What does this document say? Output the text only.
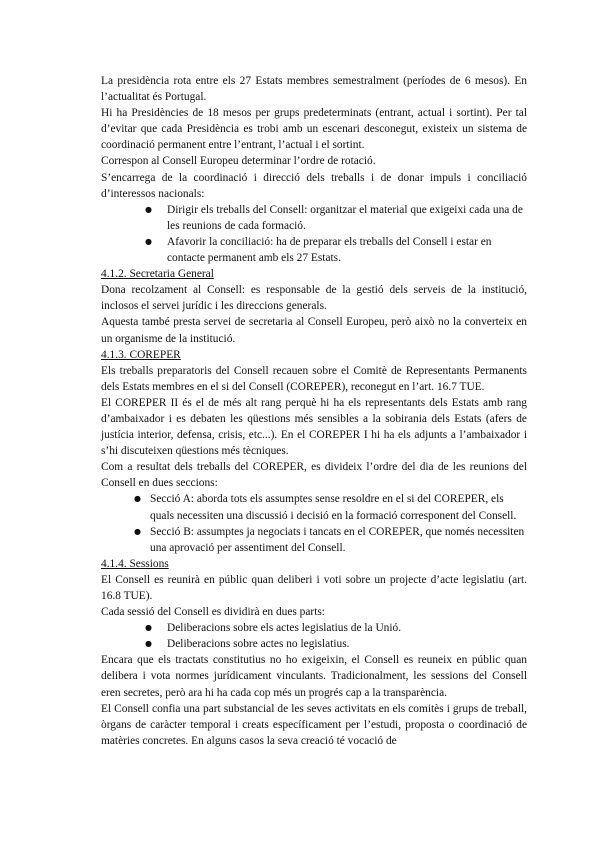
La presidència rota entre els 27 Estats membres semestralment (períodes de 6 mesos). En l’actualitat és Portugal.

Hi ha Presidències de 18 mesos per grups predeterminats (entrant, actual i sortint). Per tal d’evitar que cada Presidència es trobi amb un escenari desconegut, existeix un sistema de coordinació permanent entre l’entrant, l’actual i el sortint.

Correspon al Consell Europeu determinar l’ordre de rotació.

S’encarrega de la coordinació i direcció dels treballs i de donar impuls i conciliació d’interessos nacionals:

● Dirigir els treballs del Consell: organitzar el material que exigeixi cada una de les reunions de cada formació.
● Afavorir la conciliació: ha de preparar els treballs del Consell i estar en contacte permanent amb els 27 Estats.

4.1.2. Secretaria General

Dona recolzament al Consell: es responsable de la gestió dels serveis de la institució, inclosos el servei jurídic i les direccions generals.

Aquesta també presta servei de secretaria al Consell Europeu, però això no la converteix en un organisme de la institució.

4.1.3. COREPER

Els treballs preparatoris del Consell recauen sobre el Comitè de Representants Permanents dels Estats membres en el si del Consell (COREPER), reconegut en l’art. 16.7 TUE.

El COREPER II és el de més alt rang perquè hi ha els representants dels Estats amb rang d’ambaixador i es debaten les qüestions més sensibles a la sobirania dels Estats (afers de justícia interior, defensa, crisis, etc...). En el COREPER I hi ha els adjunts a l’ambaixador i s’hi discuteixen qüestions més tècniques.

Com a resultat dels treballs del COREPER, es divideix l’ordre del dia de les reunions del Consell en dues seccions:

● Secció A: aborda tots els assumptes sense resoldre en el si del COREPER, els quals necessiten una discussió i decisió en la formació corresponent del Consell.
● Secció B: assumptes ja negociats i tancats en el COREPER, que només necessiten una aprovació per assentiment del Consell.

4.1.4. Sessions

El Consell es reunirà en públic quan deliberi i voti sobre un projecte d’acte legislatiu (art. 16.8 TUE).

Cada sessió del Consell es dividirà en dues parts:

● Deliberacions sobre els actes legislatius de la Unió.
● Deliberacions sobre actes no legislatius.

Encara que els tractats constitutius no ho exigeixin, el Consell es reuneix en públic quan delibera i vota normes jurídicament vinculants. Tradicionalment, les sessions del Consell eren secretes, però ara hi ha cada cop més un progrés cap a la transparència.

El Consell confia una part substancial de les seves activitats en els comitès i grups de treball, òrgans de caràcter temporal i creats específicament per l’estudi, proposta o coordinació de matèries concretes. En alguns casos la seva creació té vocació de
